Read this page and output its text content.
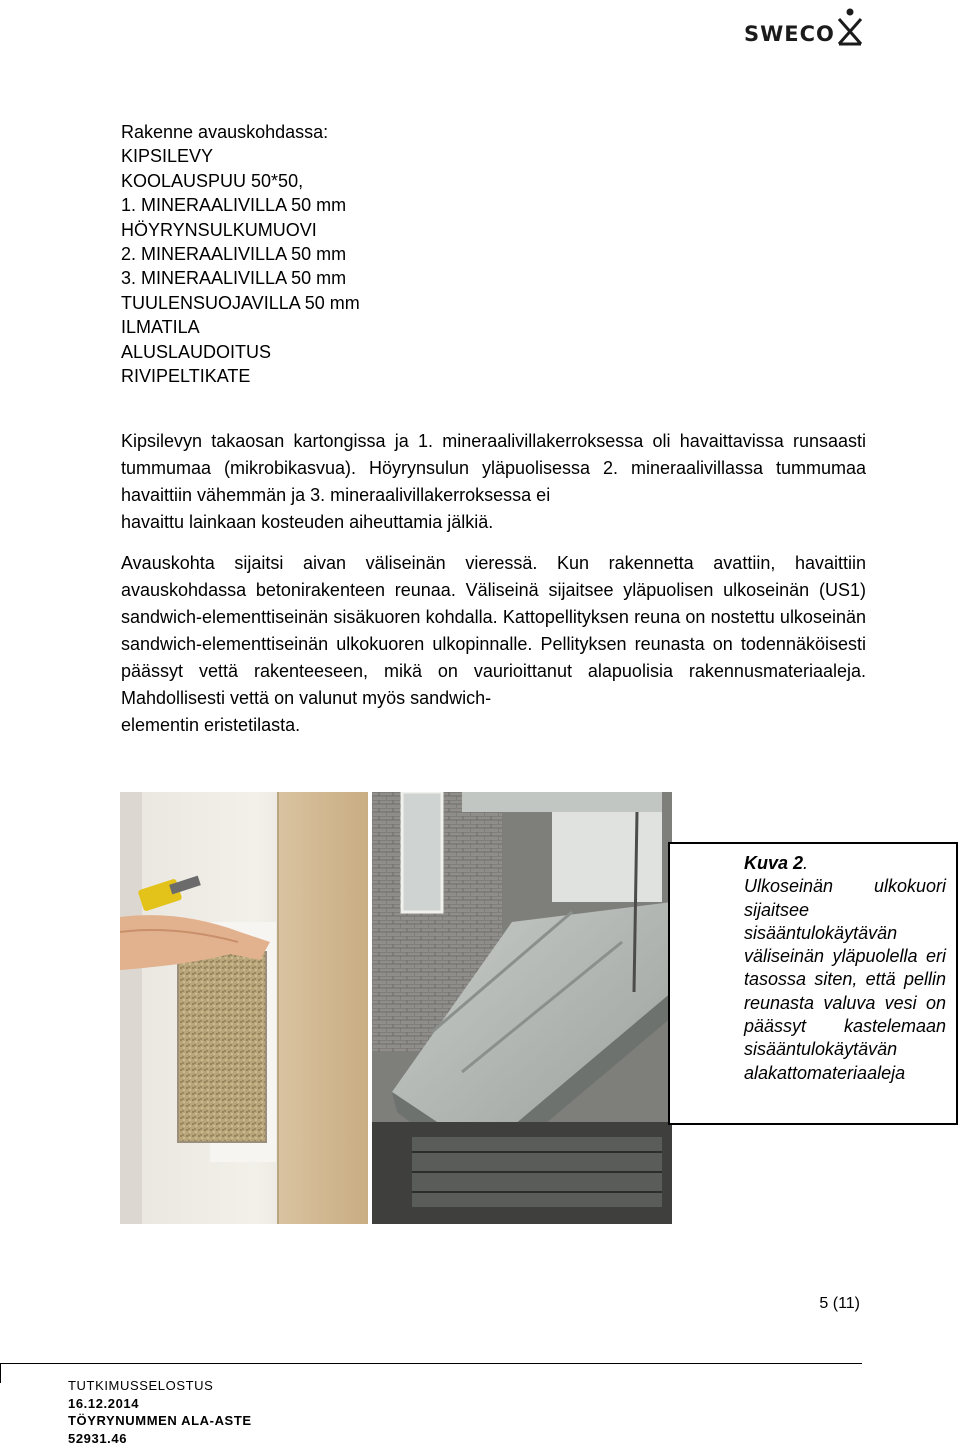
SWECO
Rakenne avauskohdassa:
KIPSILEVY
KOOLAUSPUU 50*50,
1. MINERAALIVILLA 50 mm
HÖYRYNSULKUMUOVI
2. MINERAALIVILLA 50 mm
3. MINERAALIVILLA 50 mm
TUULENSUOJAVILLA 50 mm
ILMATILA
ALUSLAUDOITUS
RIVIPELTIKATE

Kipsilevyn takaosan kartongissa ja 1. mineraalivillakerroksessa oli havaittavissa runsaasti tummumaa (mikrobikasvua). Höyrynsulun yläpuolisessa 2. mineraalivillassa tummumaa havaittiin vähemmän ja 3. mineraalivillakerroksessa ei
havaittu lainkaan kosteuden aiheuttamia jälkiä.

Avauskohta sijaitsi aivan väliseinän vieressä. Kun rakennetta avattiin, havaittiin avauskohdassa betonirakenteen reunaa. Väliseinä sijaitsee yläpuolisen ulkoseinän (US1) sandwich-elementtiseinän sisäkuoren kohdalla. Kattopellityksen reuna on nostettu ulkoseinän sandwich-elementtiseinän ulkokuoren ulkopinnalle. Pellityksen reunasta on todennäköisesti päässyt vettä rakenteeseen, mikä on vaurioittanut alapuolisia rakennusmateriaaleja. Mahdollisesti vettä on valunut myös sandwich-
elementin eristetilasta.

Kuva 2.
Ulkoseinän ulkokuori sijaitsee sisääntulokäytävän väliseinän yläpuolella eri tasossa siten, että pellin reunasta valuva vesi on päässyt kastelemaan sisääntulokäytävän alakattomateriaaleja
5 (11)
TUTKIMUSSELOSTUS
16.12.2014
TÖYRYNUMMEN ALA-ASTE
52931.46
